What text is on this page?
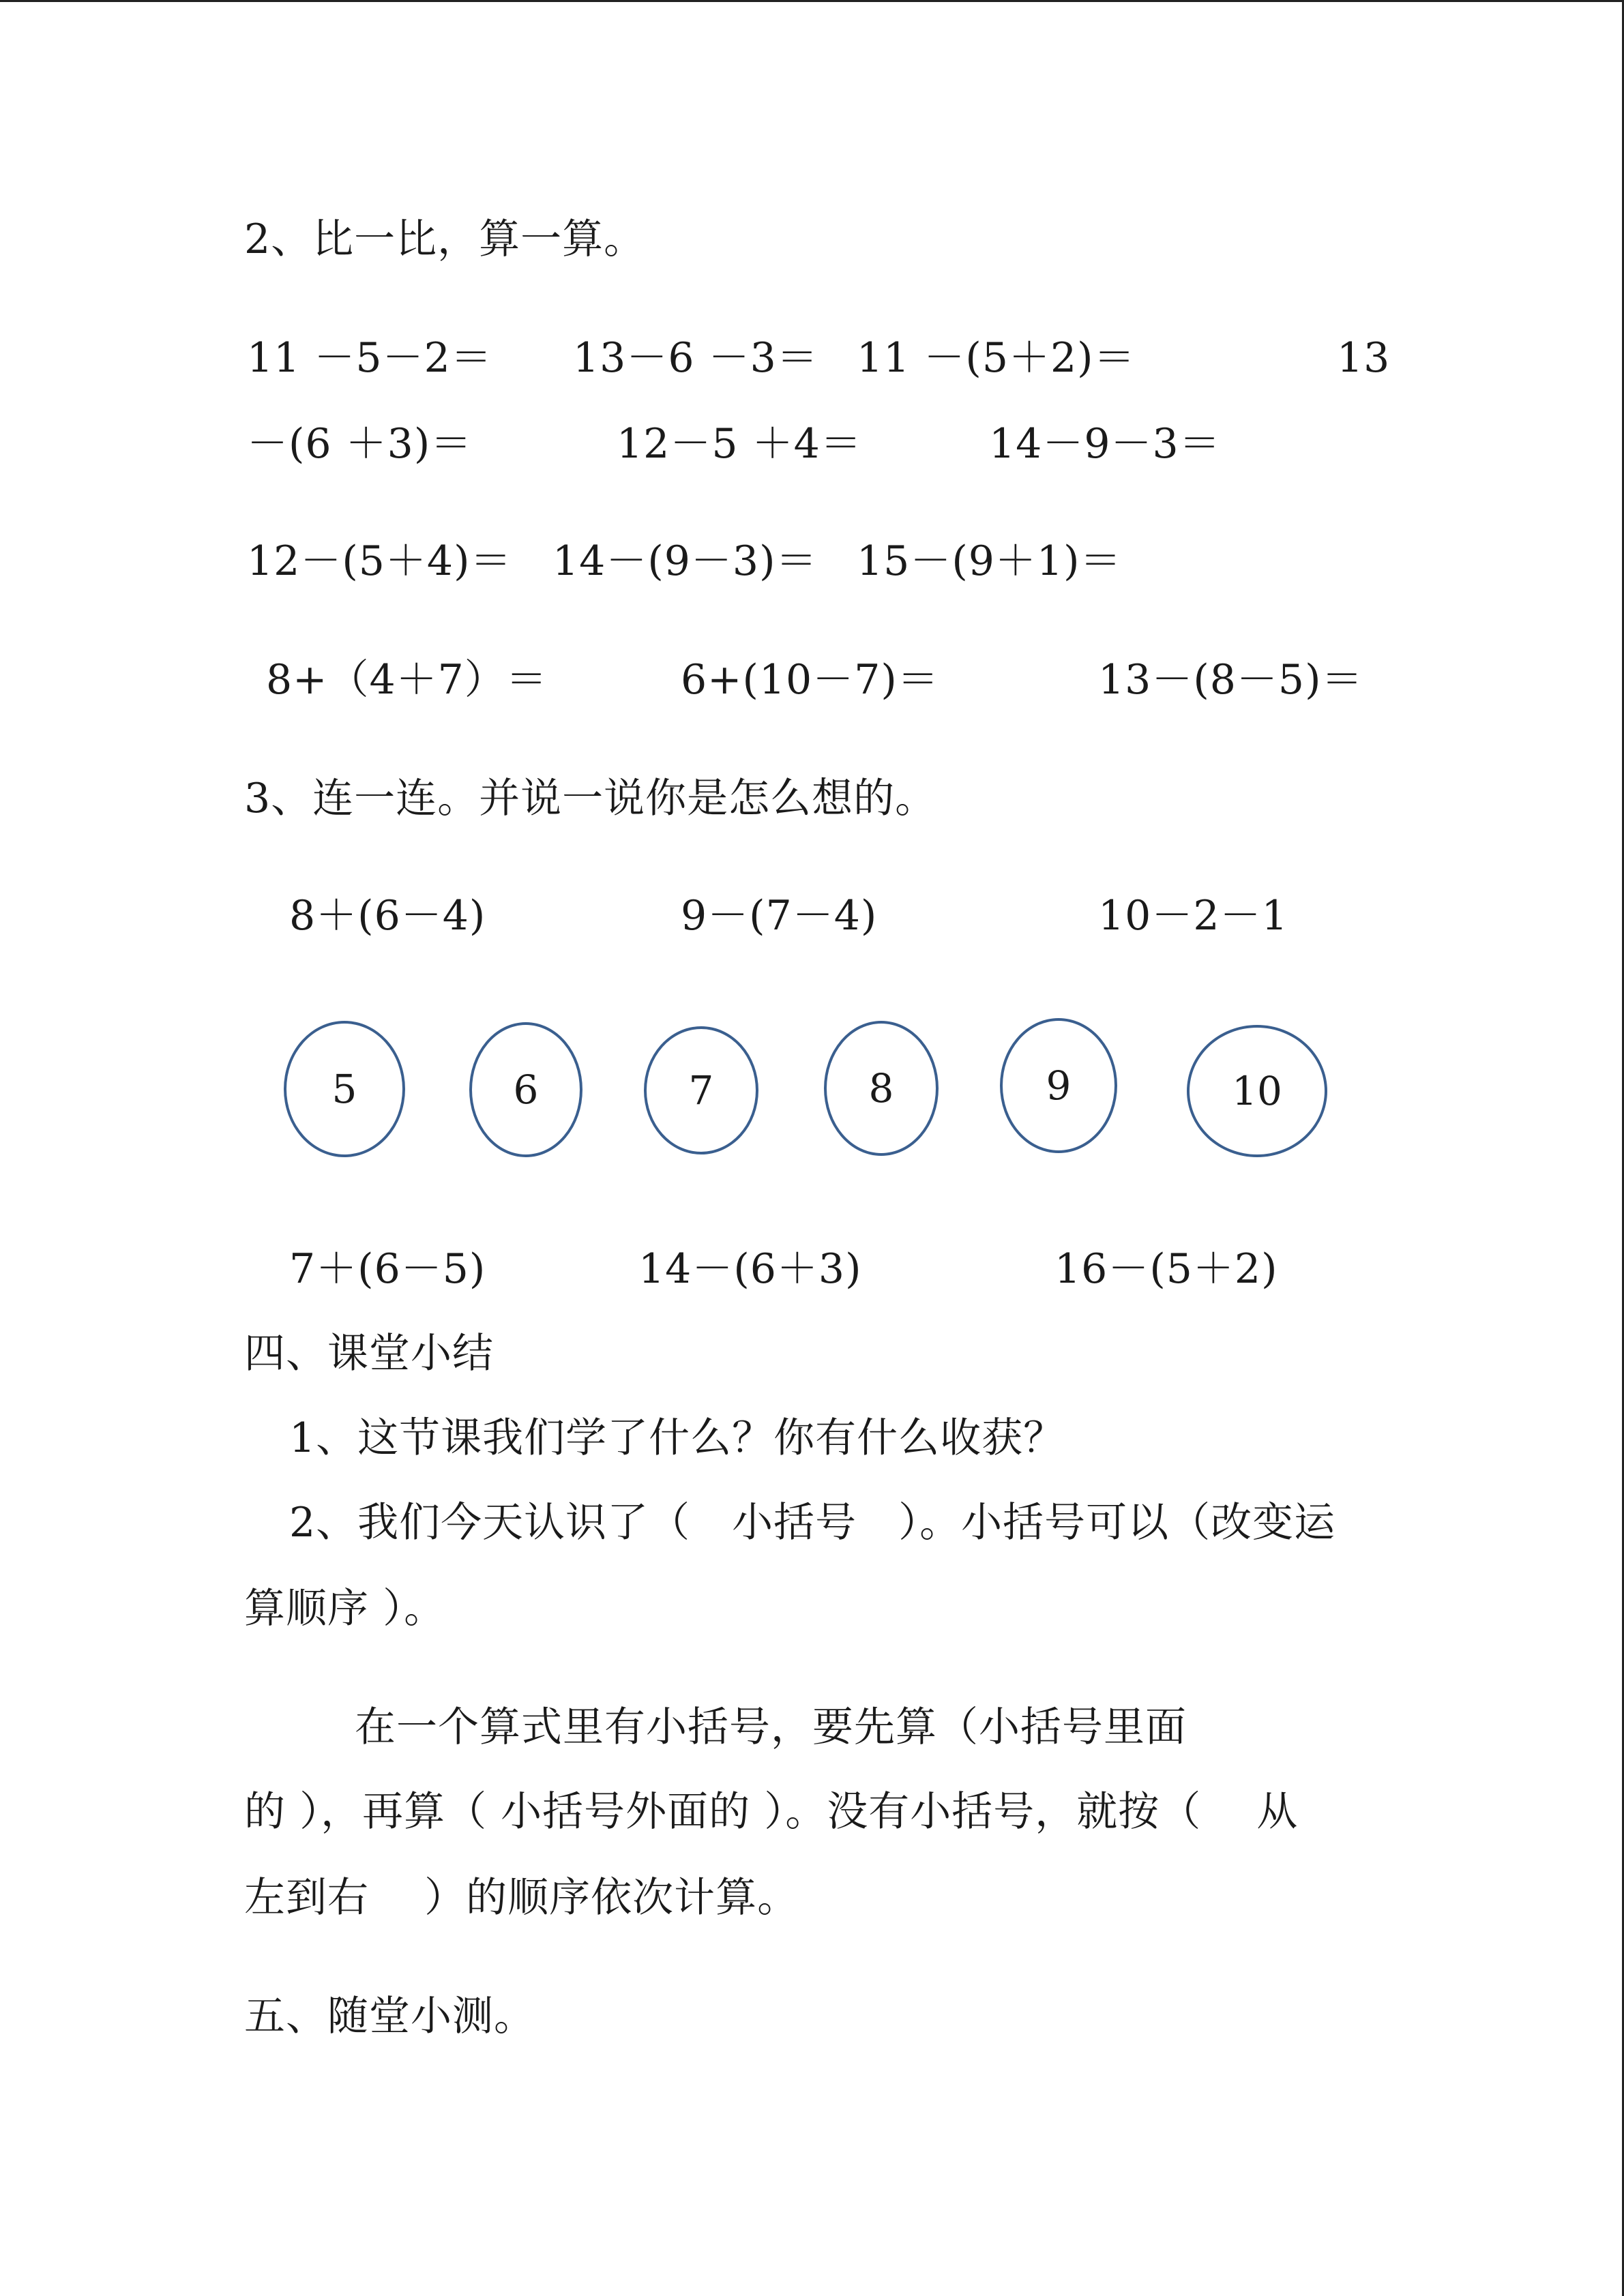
2、比一比，算一算。
11 －5－2＝ 13－6 －3＝ 11 －(5＋2)＝	13
－(6 ＋3)＝	12－5 ＋4＝	14－9－3＝
12－(5＋4)＝ 14－(9－3)＝ 15－(9＋1)＝
8+（4＋7）＝	6+(10－7)＝	13－(8－5)＝
3、连一连。并说一说你是怎么想的。
8＋(6－4)	9－(7－4)	10－2－1
5	6	7	8	9	10
7＋(6－5)	14－(6＋3)	16－(5＋2)
四、课堂小结
1、这节课我们学了什么？你有什么收获？
2、我们今天认识了（　小括号　）。小括号可以（改变运
算顺序 ）。
在一个算式里有小括号，要先算（小括号里面
的 ），再算（ 小括号外面的 ）。没有小括号，就按（　 从
左到右　 ）的顺序依次计算。
五、随堂小测。
